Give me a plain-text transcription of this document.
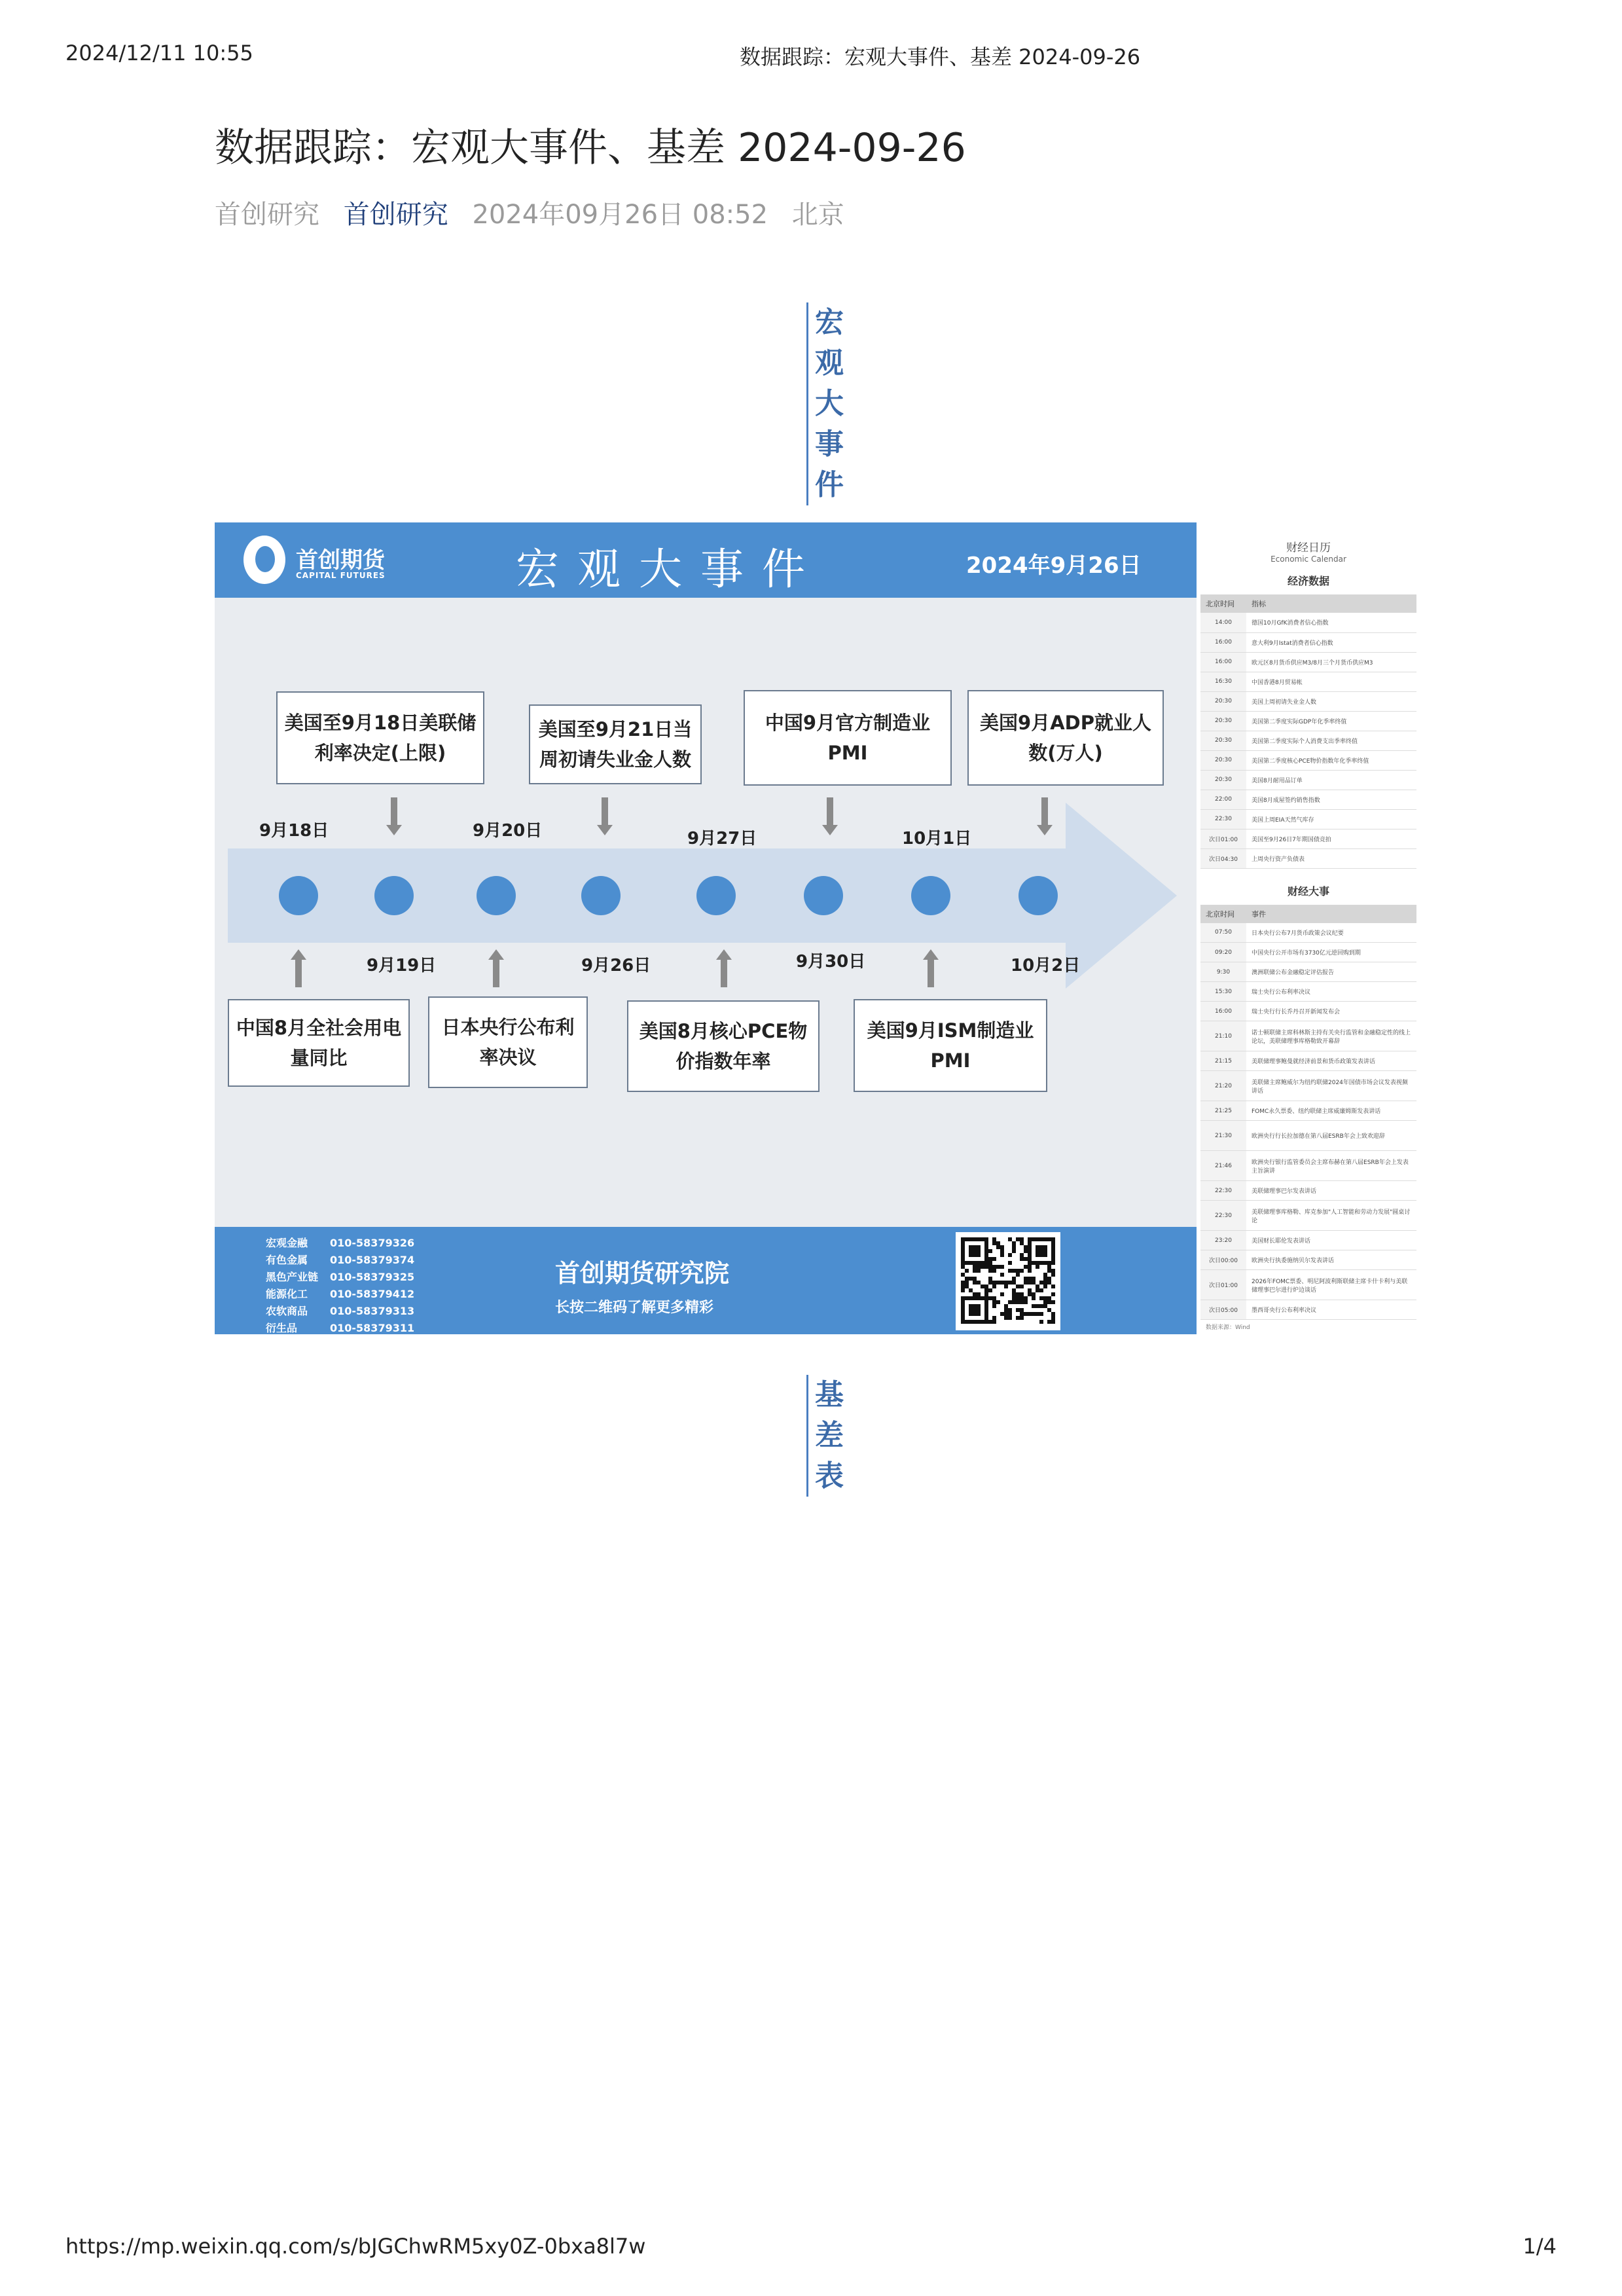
2024/12/11 10:55	数据跟踪：宏观大事件、基差 2024-09-26
数据跟踪：宏观大事件、基差 2024-09-26
首创研究 首创研究 2024年09月26日 08:52 北京
宏
观
大
事
件
首创期货
CAPITAL FUTURES	宏观大事件	2024年9月26日
美国至9月18日美联储利率决定(上限)
美国至9月21日当周初请失业金人数
中国9月官方制造业PMI
美国9月ADP就业人数(万人)
9月18日	9月20日	9月27日	10月1日
9月19日	9月26日	9月30日	10月2日
中国8月全社会用电量同比
日本央行公布利率决议
美国8月核心PCE物价指数年率
美国9月ISM制造业PMI
宏观金融	010-58379326
有色金属	010-58379374
黑色产业链	010-58379325
能源化工	010-58379412
农软商品	010-58379313
衍生品	010-58379311
首创期货研究院
长按二维码了解更多精彩
财经日历
Economic Calendar
经济数据
北京时间	指标
14:00	德国10月GfK消费者信心指数
16:00	意大利9月Istat消费者信心指数
16:00	欧元区8月货币供应M3/8月三个月货币供应M3
16:30	中国香港8月贸易帐
20:30	美国上周初请失业金人数
20:30	美国第二季度实际GDP年化季率终值
20:30	美国第二季度实际个人消费支出季率终值
20:30	美国第二季度核心PCE物价指数年化季率终值
20:30	美国8月耐用品订单
22:00	美国8月成屋签约销售指数
22:30	美国上周EIA天然气库存
次日01:00	美国至9月26日7年期国债竞拍
次日04:30	上周央行资产负债表
财经大事
北京时间	事件
07:50	日本央行公布7月货币政策会议纪要
09:20	中国央行公开市场有3730亿元逆回购到期
9:30	澳洲联储公布金融稳定评估报告
15:30	瑞士央行公布利率决议
16:00	瑞士央行行长乔丹召开新闻发布会
21:10	诺士顿联储主席科林斯主持有关央行监管和金融稳定性的线上论坛，美联储理事库格勒致开幕辞
21:15	美联储理事鲍曼就经济前景和货币政策发表讲话
21:20	美联储主席鲍威尔为纽约联储2024年国债市场会议发表视频讲话
21:25	FOMC永久票委、纽约联储主席威廉姆斯发表讲话
21:30	欧洲央行行长拉加德在第八届ESRB年会上致欢迎辞
21:46	欧洲央行银行监管委员会主席布赫在第八届ESRB年会上发表主旨演讲
22:30	美联储理事巴尔发表讲话
22:30	美联储理事库格勒、库克参加"人工智能和劳动力发展"圆桌讨论
23:20	美国财长耶伦发表讲话
次日00:00	欧洲央行执委施纳贝尔发表讲话
次日01:00	2026年FOMC票委、明尼阿波利斯联储主席卡什卡利与美联储理事巴尔进行炉边谈话
次日05:00	墨西哥央行公布利率决议
数据来源：Wind
基
差
表
https://mp.weixin.qq.com/s/bJGChwRM5xy0Z-0bxa8l7w	1/4
